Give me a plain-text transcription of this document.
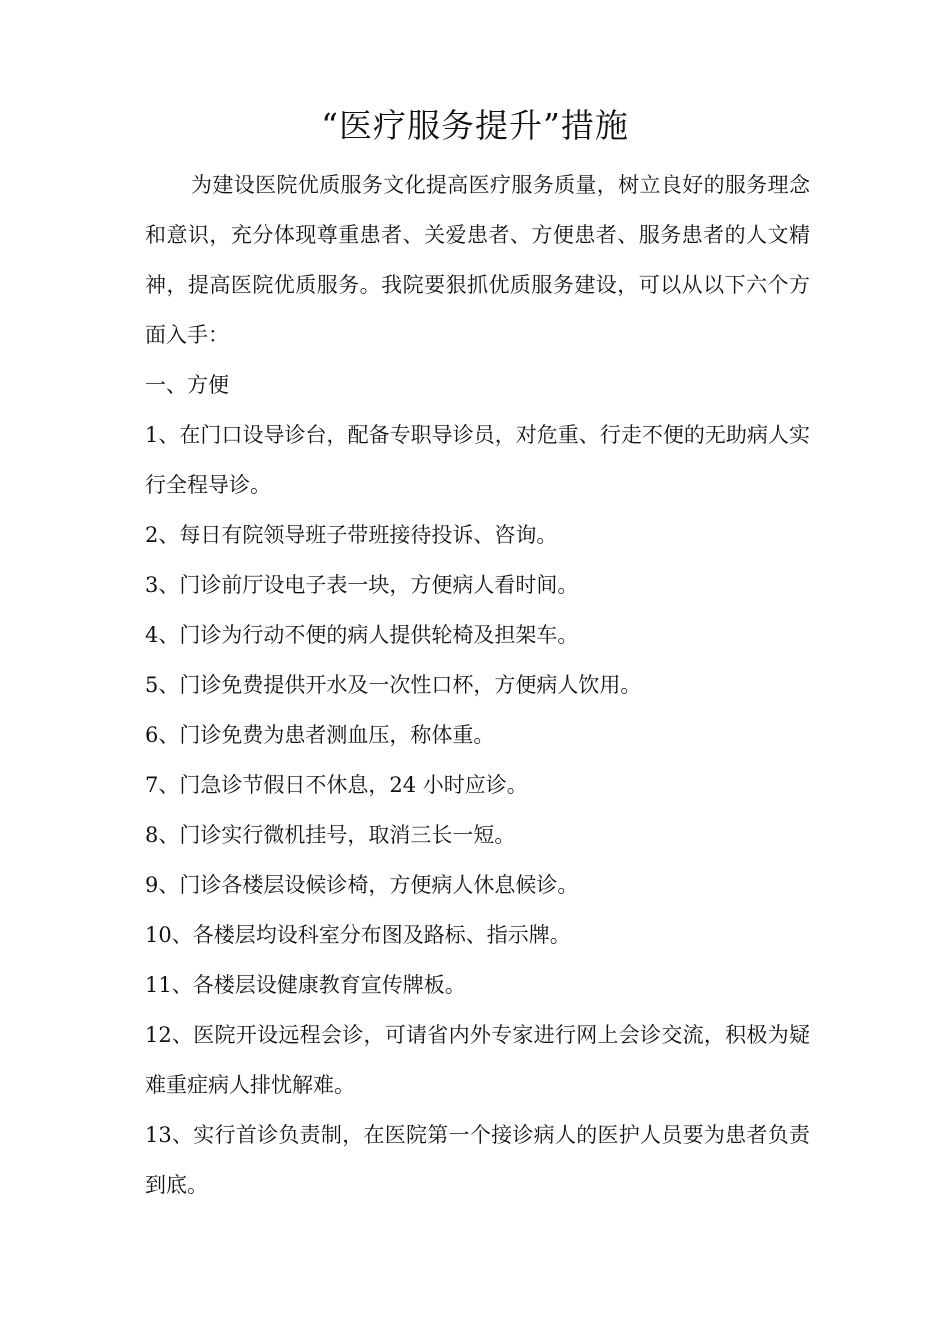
“医疗服务提升”措施

为建设医院优质服务文化提高医疗服务质量，树立良好的服务理念和意识，充分体现尊重患者、关爱患者、方便患者、服务患者的人文精神，提高医院优质服务。我院要狠抓优质服务建设，可以从以下六个方面入手：

一、方便

1、在门口设导诊台，配备专职导诊员，对危重、行走不便的无助病人实行全程导诊。

2、每日有院领导班子带班接待投诉、咨询。

3、门诊前厅设电子表一块，方便病人看时间。

4、门诊为行动不便的病人提供轮椅及担架车。

5、门诊免费提供开水及一次性口杯，方便病人饮用。

6、门诊免费为患者测血压，称体重。

7、门急诊节假日不休息，24 小时应诊。

8、门诊实行微机挂号，取消三长一短。

9、门诊各楼层设候诊椅，方便病人休息候诊。

10、各楼层均设科室分布图及路标、指示牌。

11、各楼层设健康教育宣传牌板。

12、医院开设远程会诊，可请省内外专家进行网上会诊交流，积极为疑难重症病人排忧解难。

13、实行首诊负责制，在医院第一个接诊病人的医护人员要为患者负责到底。
